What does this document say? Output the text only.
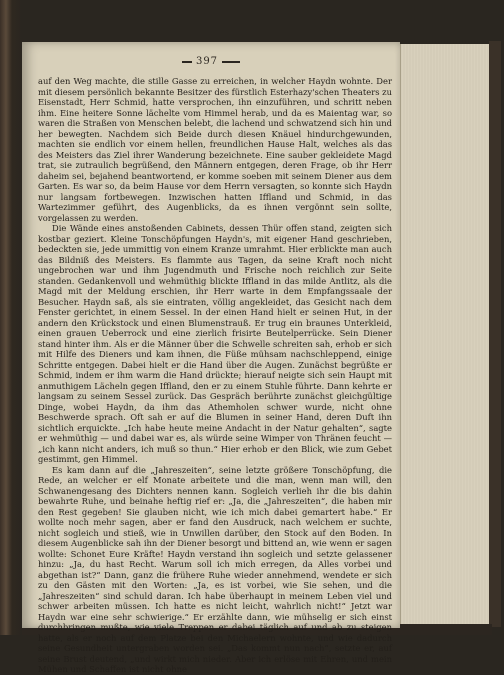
397

auf den Weg machte, die stille Gasse zu erreichen, in welcher Haydn wohnte. Der mit diesem persönlich bekannte Besitzer des fürstlich Esterhazy'schen Theaters zu Eisenstadt, Herr Schmid, hatte versprochen, ihn einzuführen, und schritt neben ihm. Eine heitere Sonne lächelte vom Himmel herab, und da es Maientag war, so waren die Straßen von Menschen belebt, die lachend und schwatzend sich hin und her bewegten. Nachdem sich Beide durch diesen Knäuel hindurchgewunden, machten sie endlich vor einem hellen, freundlichen Hause Halt, welches als das des Meisters das Ziel ihrer Wanderung bezeichnete. Eine sauber gekleidete Magd trat, sie zutraulich begrüßend, den Männern entgegen, deren Frage, ob ihr Herr daheim sei, bejahend beantwortend, er komme soeben mit seinem Diener aus dem Garten. Es war so, da beim Hause vor dem Herrn versagten, so konnte sich Haydn nur langsam fortbewegen. Inzwischen hatten Iffland und Schmid, in das Wartezimmer geführt, des Augenblicks, da es ihnen vergönnt sein sollte, vorgelassen zu werden.

Die Wände eines anstoßenden Cabinets, dessen Thür offen stand, zeigten sich kostbar geziert. Kleine Tonschöpfungen Haydn's, mit eigener Hand geschrieben, bedeckten sie, jede ummittig von einem Kranze umrahmt. Hier erblickte man auch das Bildniß des Meisters. Es flammte aus Tagen, da seine Kraft noch nicht ungebrochen war und ihm Jugendmuth und Frische noch reichlich zur Seite standen. Gedankenvoll und wehmüthig blickte Iffland in das milde Antlitz, als die Magd mit der Meldung erschien, ihr Herr warte in dem Empfangssaale der Besucher. Haydn saß, als sie eintraten, völlig angekleidet, das Gesicht nach dem Fenster gerichtet, in einem Sessel. In der einen Hand hielt er seinen Hut, in der andern den Krückstock und einen Blumenstrauß. Er trug ein braunes Unterkleid, einen grauen Ueberrock und eine zierlich frisirte Beutelperrücke. Sein Diener stand hinter ihm. Als er die Männer über die Schwelle schreiten sah, erhob er sich mit Hilfe des Dieners und kam ihnen, die Füße mühsam nachschleppend, einige Schritte entgegen. Dabei hielt er die Hand über die Augen. Zunächst begrüßte er Schmid, indem er ihm warm die Hand drückte; hierauf neigte sich sein Haupt mit anmuthigem Lächeln gegen Iffland, den er zu einem Stuhle führte. Dann kehrte er langsam zu seinem Sessel zurück. Das Gespräch berührte zunächst gleichgültige Dinge, wobei Haydn, da ihm das Athemholen schwer wurde, nicht ohne Beschwerde sprach. Oft sah er auf die Blumen in seiner Hand, deren Duft ihn sichtlich erquickte. „Ich habe heute meine Andacht in der Natur gehalten“, sagte er wehmüthig — und dabei war es, als würde seine Wimper von Thränen feucht — „ich kann nicht anders, ich muß so thun.“ Hier erhob er den Blick, wie zum Gebet gestimmt, gen Himmel.

Es kam dann auf die „Jahreszeiten“, seine letzte größere Tonschöpfung, die Rede, an welcher er elf Monate arbeitete und die man, wenn man will, den Schwanengesang des Dichters nennen kann. Sogleich verlieh ihr die bis dahin bewahrte Ruhe, und beinahe heftig rief er: „Ja, die „Jahreszeiten“, die haben mir den Rest gegeben! Sie glauben nicht, wie ich mich dabei gemartert habe.“ Er wollte noch mehr sagen, aber er fand den Ausdruck, nach welchem er suchte, nicht sogleich und stieß, wie in Unwillen darüber, den Stock auf den Boden. In diesem Augenblicke sah ihn der Diener besorgt und bittend an, wie wenn er sagen wollte: Schonet Eure Kräfte! Haydn verstand ihn sogleich und setzte gelassener hinzu: „Ja, du hast Recht. Warum soll ich mich erregen, da Alles vorbei und abgethan ist?“ Dann, ganz die frühere Ruhe wieder annehmend, wendete er sich zu den Gästen mit den Worten: „Ja, es ist vorbei, wie Sie sehen, und die „Jahreszeiten“ sind schuld daran. Ich habe überhaupt in meinem Leben viel und schwer arbeiten müssen. Ich hatte es nicht leicht, wahrlich nicht!“ Jetzt war Haydn war eine sehr schwierige.“ Er erzählte dann, wie mühselig er sich einst durchbringen mußte, wie viele Treppen er dabei täglich auf und ab zu steigen hatte, als er noch auf dem Platze bei den Michaelern wohnte, und wie dadurch seine Gesundheit untergraben worden sei. „Das kommt nun nach“, setzte er, auf seine Brust deutend, „und wirkt mich nieder. Aber ich erlöse mit Ehren, und mein Mühen und Schaffen ist nicht ohne
